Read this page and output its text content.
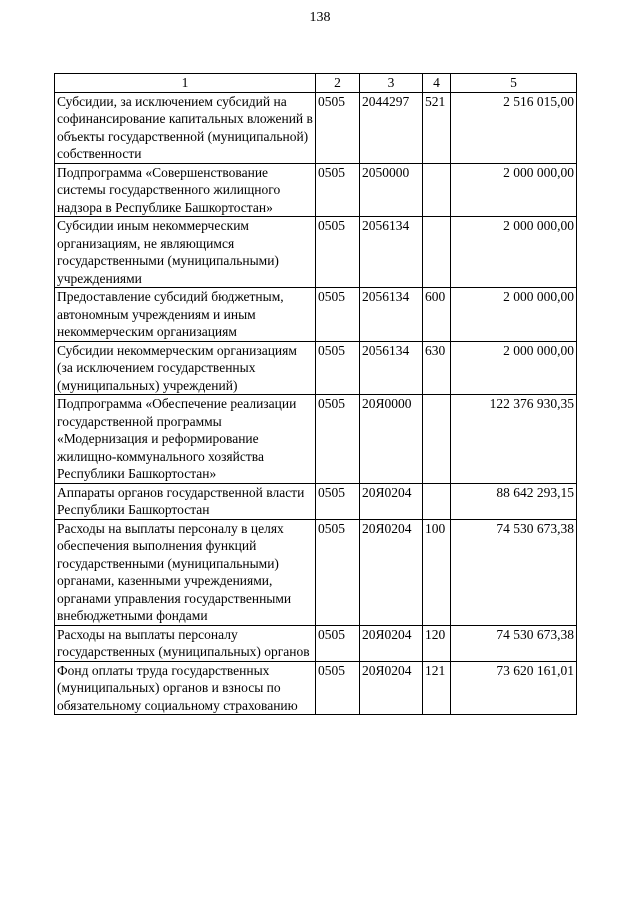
138
1	2	3	4	5
Субсидии, за исключением субсидий на софинансирование капитальных вложений в объекты государственной (муниципальной) собственности	0505	2044297	521	2 516 015,00
Подпрограмма «Совершенствование системы государственного жилищного надзора в Республике Башкортостан»	0505	2050000		2 000 000,00
Субсидии иным некоммерческим организациям, не являющимся государственными (муниципальными) учреждениями	0505	2056134		2 000 000,00
Предоставление субсидий бюджетным, автономным учреждениям и иным некоммерческим организациям	0505	2056134	600	2 000 000,00
Субсидии некоммерческим организациям (за исключением государственных (муниципальных) учреждений)	0505	2056134	630	2 000 000,00
Подпрограмма «Обеспечение реализации государственной программы «Модернизация и реформирование жилищно-коммунального хозяйства Республики Башкортостан»	0505	20Я0000		122 376 930,35
Аппараты органов государственной власти Республики Башкортостан	0505	20Я0204		88 642 293,15
Расходы на выплаты персоналу в целях обеспечения выполнения функций государственными (муниципальными) органами, казенными учреждениями, органами управления государственными внебюджетными фондами	0505	20Я0204	100	74 530 673,38
Расходы на выплаты персоналу государственных (муниципальных) органов	0505	20Я0204	120	74 530 673,38
Фонд оплаты труда государственных (муниципальных) органов и взносы по обязательному социальному страхованию	0505	20Я0204	121	73 620 161,01
